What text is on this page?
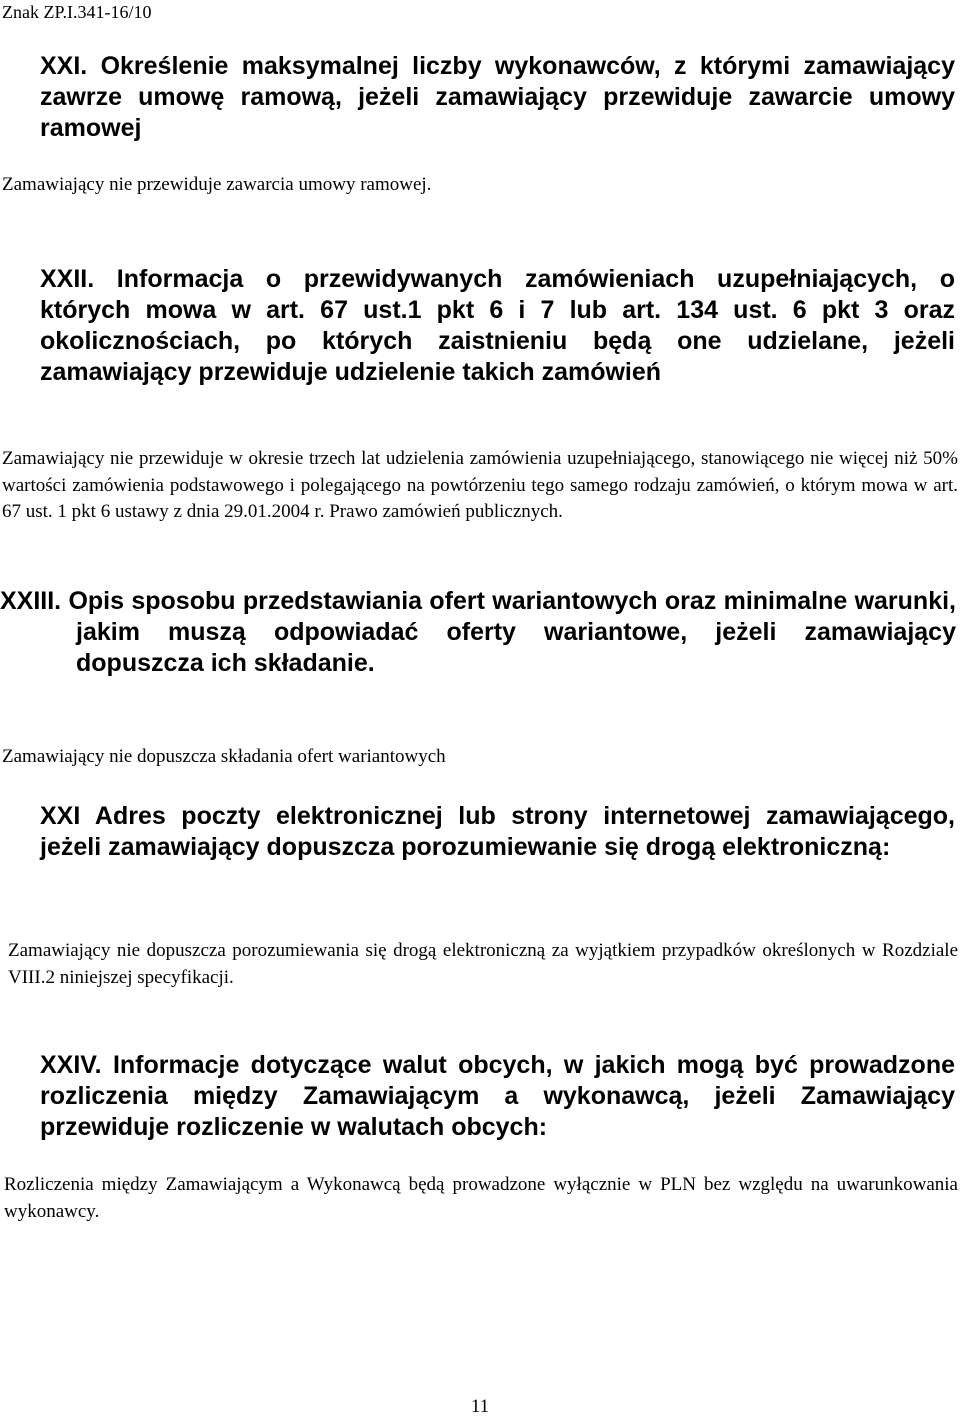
Znak ZP.I.341-16/10

XXI. Określenie maksymalnej liczby wykonawców, z którymi zamawiający zawrze umowę ramową, jeżeli zamawiający przewiduje zawarcie umowy ramowej

Zamawiający nie przewiduje zawarcia umowy ramowej.

XXII. Informacja o przewidywanych zamówieniach uzupełniających, o których mowa w art. 67 ust.1 pkt 6 i 7 lub art. 134 ust. 6 pkt 3 oraz okolicznościach, po których zaistnieniu będą one udzielane, jeżeli zamawiający przewiduje udzielenie takich zamówień

Zamawiający nie przewiduje w okresie trzech lat udzielenia zamówienia uzupełniającego, stanowiącego nie więcej niż 50% wartości zamówienia podstawowego i polegającego na powtórzeniu tego samego rodzaju zamówień, o którym mowa w art. 67 ust. 1 pkt 6 ustawy z dnia 29.01.2004 r. Prawo zamówień publicznych.

XXIII. Opis sposobu przedstawiania ofert wariantowych oraz minimalne warunki, jakim muszą odpowiadać oferty wariantowe, jeżeli zamawiający dopuszcza ich składanie.

Zamawiający nie dopuszcza składania ofert wariantowych

XXI Adres poczty elektronicznej lub strony internetowej zamawiającego, jeżeli zamawiający dopuszcza porozumiewanie się drogą elektroniczną:

Zamawiający nie dopuszcza porozumiewania się drogą elektroniczną za wyjątkiem przypadków określonych w Rozdziale VIII.2 niniejszej specyfikacji.

XXIV. Informacje dotyczące walut obcych, w jakich mogą być prowadzone rozliczenia między Zamawiającym a wykonawcą, jeżeli Zamawiający przewiduje rozliczenie w walutach obcych:

Rozliczenia między Zamawiającym a Wykonawcą będą prowadzone wyłącznie w PLN bez względu na uwarunkowania wykonawcy.

11
